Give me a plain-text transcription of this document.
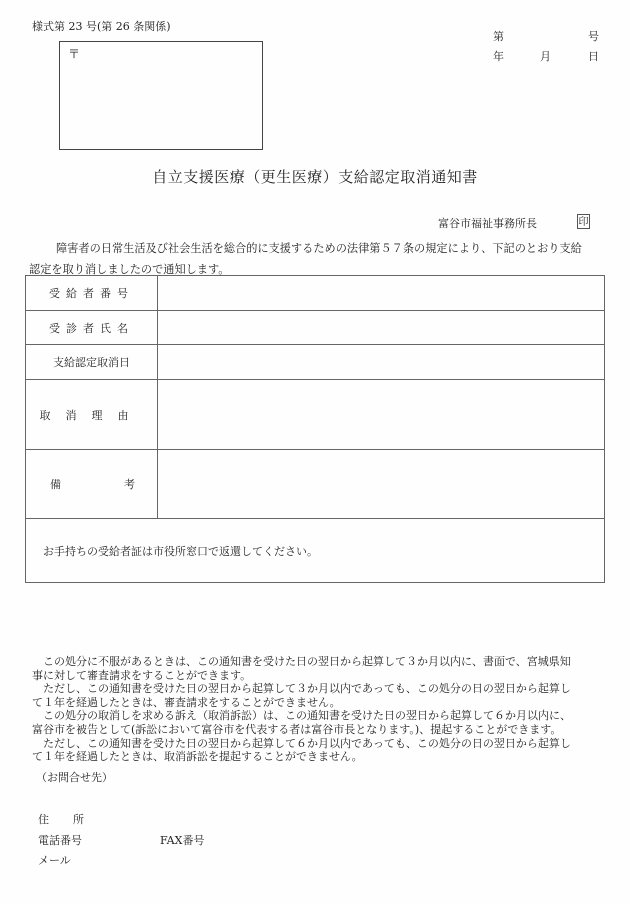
様式第 23 号(第 26 条関係)
〒
第	号
年	月	日
自立支援医療（更生医療）支給認定取消通知書
富谷市福祉事務所長	印
障害者の日常生活及び社会生活を総合的に支援するための法律第５７条の規定により、下記のとおり支給
認定を取り消しましたので通知します。
受給者番号	
受診者氏名	
支給認定取消日	
取消理由	

備 考	

お手持ちの受給者証は市役所窓口で返還してください。	

この処分に不服があるときは、この通知書を受けた日の翌日から起算して３か月以内に、書面で、宮城県知

事に対して審査請求をすることができます。

ただし、この通知書を受けた日の翌日から起算して３か月以内であっても、この処分の日の翌日から起算し

て１年を経過したときは、審査請求をすることができません。

この処分の取消しを求める訴え（取消訴訟）は、この通知書を受けた日の翌日から起算して６か月以内に、

富谷市を被告として(訴訟において富谷市を代表する者は富谷市長となります。)、提起することができます。

ただし、この通知書を受けた日の翌日から起算して６か月以内であっても、この処分の日の翌日から起算し

て１年を経過したときは、取消訴訟を提起することができません。

（お問合せ先）
住 所
電話番号	FAX番号
メール
